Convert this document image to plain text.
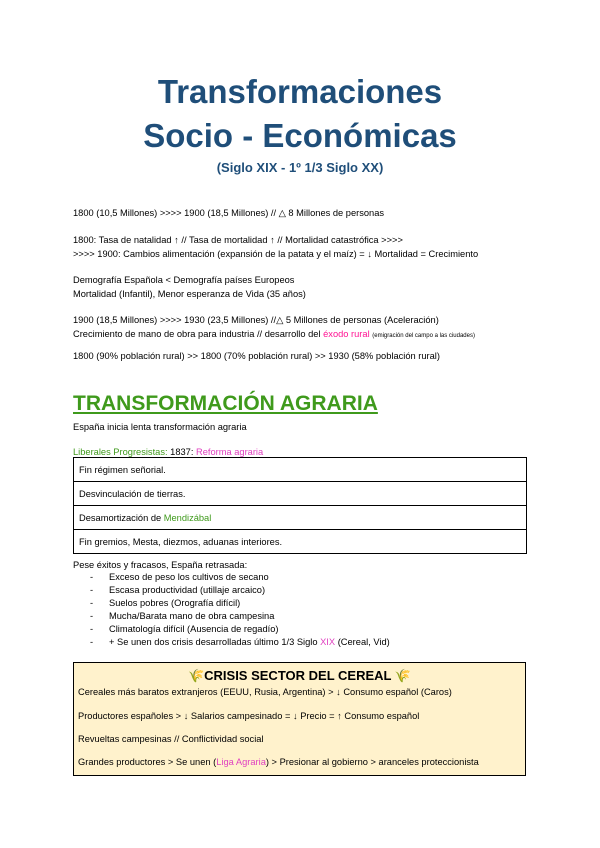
Transformaciones
Socio - Económicas
(Siglo XIX - 1º 1/3 Siglo XX)
1800 (10,5 Millones) >>>> 1900 (18,5 Millones) // △ 8 Millones de personas
1800: Tasa de natalidad ↑ // Tasa de mortalidad ↑ // Mortalidad catastrófica >>>>
>>>> 1900: Cambios alimentación (expansión de la patata y el maíz) = ↓ Mortalidad = Crecimiento
Demografía Española < Demografía países Europeos
Mortalidad (Infantil), Menor esperanza de Vida (35 años)
1900 (18,5 Millones) >>>> 1930 (23,5 Millones) //△ 5 Millones de personas (Aceleración)
Crecimiento de mano de obra para industria // desarrollo del éxodo rural (emigración del campo a las ciudades)
1800 (90% población rural) >> 1800 (70% población rural) >> 1930 (58% población rural)
TRANSFORMACIÓN AGRARIA
España inicia lenta transformación agraria
Liberales Progresistas: 1837: Reforma agraria
Fin régimen señorial.
Desvinculación de tierras.
Desamortización de Mendizábal
Fin gremios, Mesta, diezmos, aduanas interiores.
Pese éxitos y fracasos, España retrasada:
- Exceso de peso los cultivos de secano
- Escasa productividad (utillaje arcaico)
- Suelos pobres (Orografía difícil)
- Mucha/Barata mano de obra campesina
- Climatología difícil (Ausencia de regadío)
- + Se unen dos crisis desarrolladas último 1/3 Siglo XIX (Cereal, Vid)
🌾CRISIS SECTOR DEL CEREAL 🌾
Cereales más baratos extranjeros (EEUU, Rusia, Argentina) > ↓ Consumo español (Caros)
Productores españoles > ↓ Salarios campesinado = ↓ Precio = ↑ Consumo español
Revueltas campesinas // Conflictividad social
Grandes productores > Se unen (Liga Agraria) > Presionar al gobierno > aranceles proteccionista
